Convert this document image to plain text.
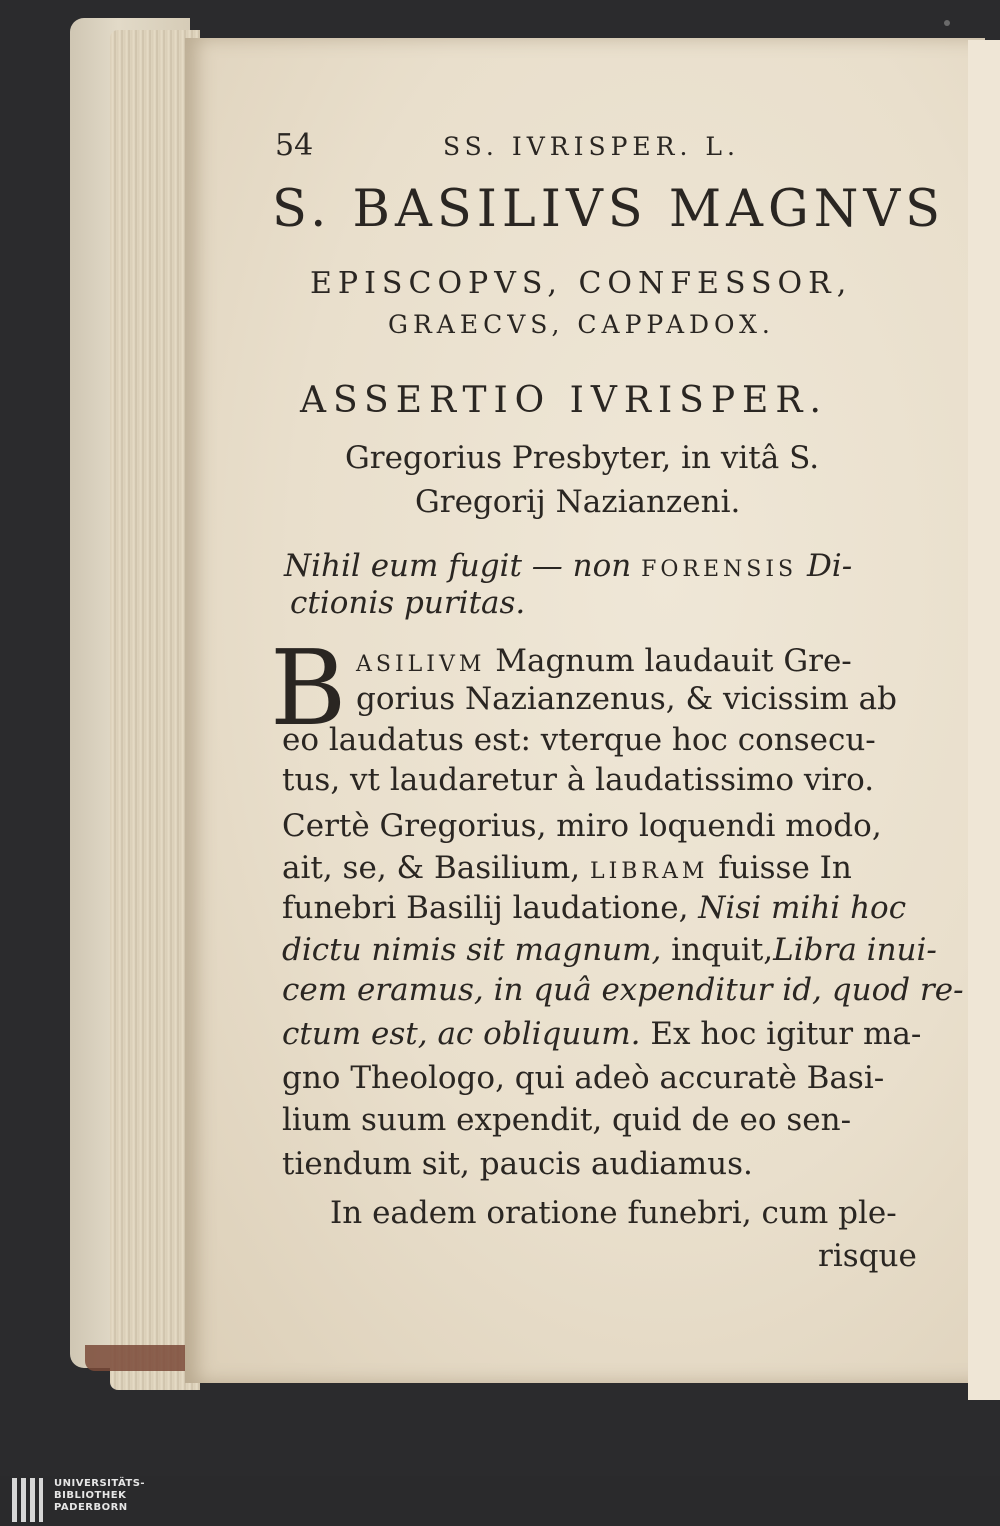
54	SS. IVRISPER. L.
S. BASILIVS MAGNVS
EPISCOPVS, CONFESSOR,
GRAECVS, CAPPADOX.
ASSERTIO IVRISPER.
Gregorius Presbyter, in vitâ S.
Gregorij Nazianzeni.
Nihil eum fugit — non FORENSIS Di-
ctionis puritas.
B ASILIVM Magnum laudauit Gre-
gorius Nazianzenus, & vicissim ab
eo laudatus est: vterque hoc consecu-
tus, vt laudaretur à laudatissimo viro.
Certè Gregorius, miro loquendi modo,
ait, se, & Basilium, LIBRAM fuisse In
funebri Basilij laudatione, Nisi mihi hoc
dictu nimis sit magnum, inquit,Libra inui-
cem eramus, in quâ expenditur id, quod re-
ctum est, ac obliquum. Ex hoc igitur ma-
gno Theologo, qui adeò accuratè Basi-
lium suum expendit, quid de eo sen-
tiendum sit, paucis audiamus.
In eadem oratione funebri, cum ple-
risque
UNIVERSITÄTS-
BIBLIOTHEK
PADERBORN
